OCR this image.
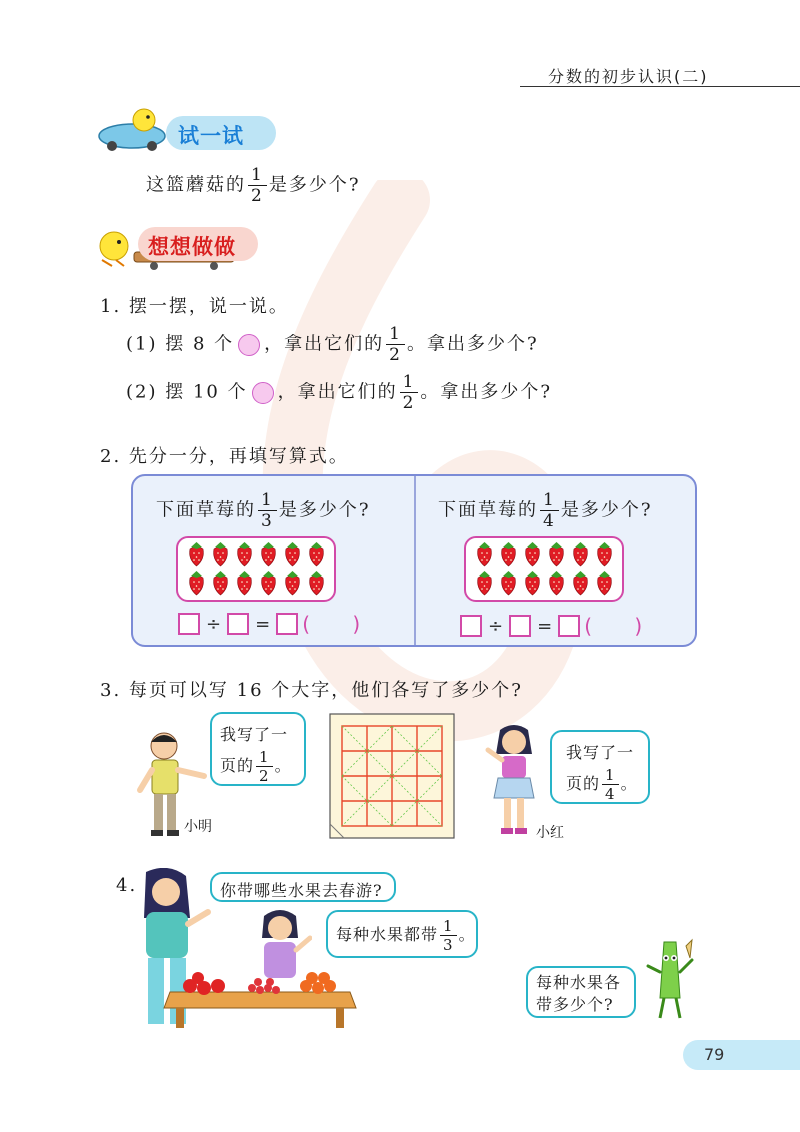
分数的初步认识(二)
试一试
这篮蘑菇的 $\frac{1}{2}$ 是多少个?
想想做做
1. 摆一摆，说一说。
(1) 摆 8 个 ，拿出它们的 $\frac{1}{2}$ 。拿出多少个?
(2) 摆 10 个 ，拿出它们的 $\frac{1}{2}$ 。拿出多少个?
2. 先分一分，再填写算式。
下面草莓的 $\frac{1}{3}$ 是多少个?	下面草莓的 $\frac{1}{4}$ 是多少个?
÷ = ( )	÷ = ( )
3. 每页可以写 16 个大字，他们各写了多少个?
小明
我写了一
页的 $\frac{1}{2}$ 。
小红
我写了一
页的 $\frac{1}{4}$ 。
4.	你带哪些水果去春游?
每种水果都带 $\frac{1}{3}$ 。
每种水果各
带多少个?
79
